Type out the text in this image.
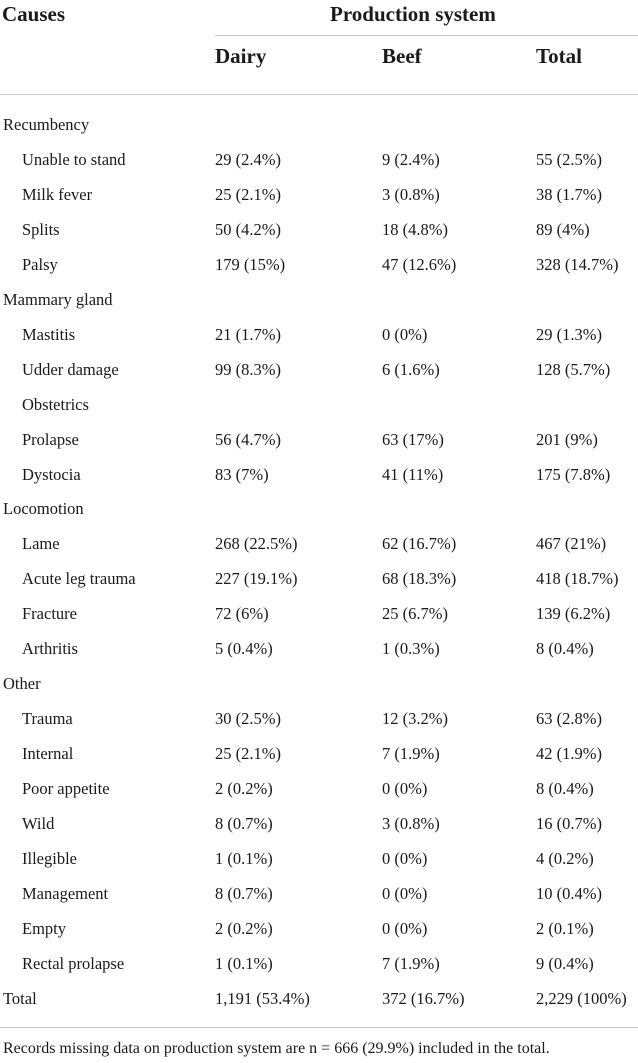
Causes	Production system
Dairy	Beef	Total
Recumbency
Unable to stand	29 (2.4%)	9 (2.4%)	55 (2.5%)
Milk fever	25 (2.1%)	3 (0.8%)	38 (1.7%)
Splits	50 (4.2%)	18 (4.8%)	89 (4%)
Palsy	179 (15%)	47 (12.6%)	328 (14.7%)
Mammary gland
Mastitis	21 (1.7%)	0 (0%)	29 (1.3%)
Udder damage	99 (8.3%)	6 (1.6%)	128 (5.7%)
Obstetrics
Prolapse	56 (4.7%)	63 (17%)	201 (9%)
Dystocia	83 (7%)	41 (11%)	175 (7.8%)
Locomotion
Lame	268 (22.5%)	62 (16.7%)	467 (21%)
Acute leg trauma	227 (19.1%)	68 (18.3%)	418 (18.7%)
Fracture	72 (6%)	25 (6.7%)	139 (6.2%)
Arthritis	5 (0.4%)	1 (0.3%)	8 (0.4%)
Other
Trauma	30 (2.5%)	12 (3.2%)	63 (2.8%)
Internal	25 (2.1%)	7 (1.9%)	42 (1.9%)
Poor appetite	2 (0.2%)	0 (0%)	8 (0.4%)
Wild	8 (0.7%)	3 (0.8%)	16 (0.7%)
Illegible	1 (0.1%)	0 (0%)	4 (0.2%)
Management	8 (0.7%)	0 (0%)	10 (0.4%)
Empty	2 (0.2%)	0 (0%)	2 (0.1%)
Rectal prolapse	1 (0.1%)	7 (1.9%)	9 (0.4%)
Total	1,191 (53.4%)	372 (16.7%)	2,229 (100%)
Records missing data on production system are n = 666 (29.9%) included in the total.
